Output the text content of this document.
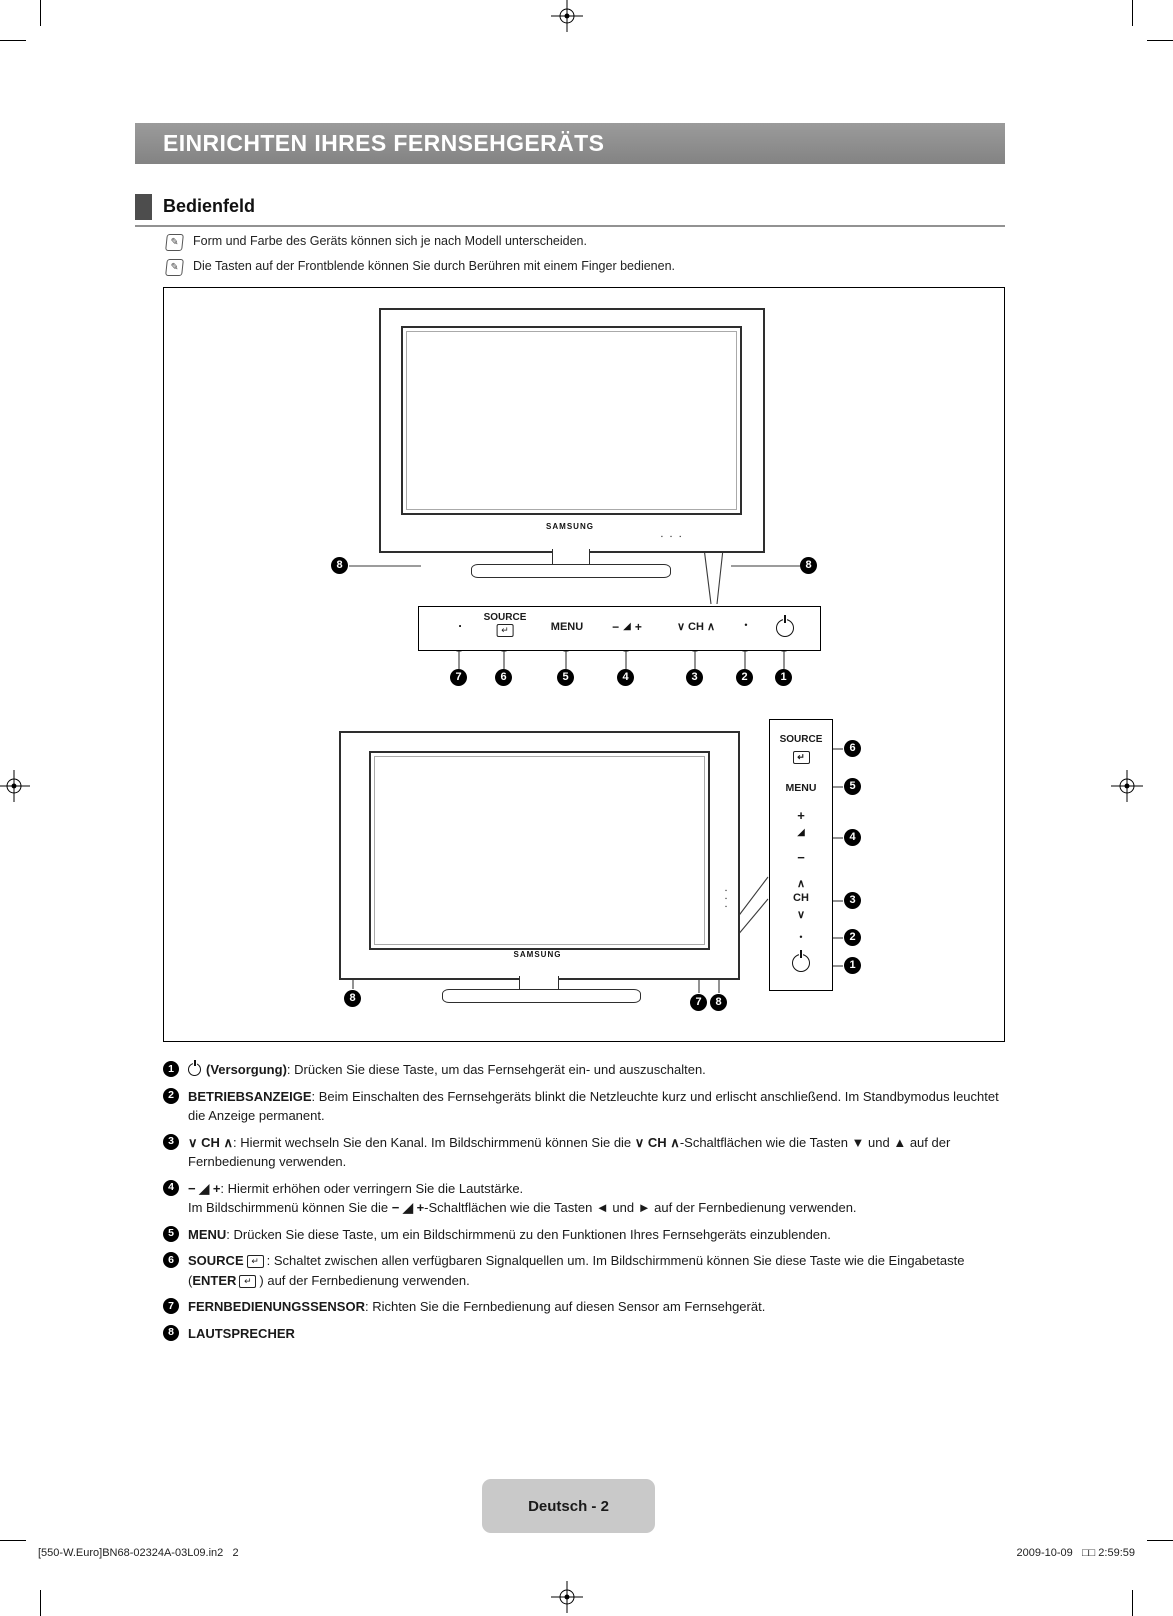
EINRICHTEN IHRES FERNSEHGERÄTS
Bedienfeld
✎	Form und Farbe des Geräts können sich je nach Modell unterscheiden.
✎	Die Tasten auf der Frontblende können Sie durch Berühren mit einem Finger bedienen.
SAMSUNG
▪ ▪ ▪
8	8
. SOURCE
↵	MENU − ◢ +	∨ CH ∧	•
7	6	5	4	3	2	1
SAMSUNG
▪▪▪
SOURCE
↵
MENU
+
◢
−
∧
CH
∨
•
6
5
4
3
2
1
8	7	8
1	(Versorgung): Drücken Sie diese Taste, um das Fernsehgerät ein- und auszuschalten.
2	BETRIEBSANZEIGE: Beim Einschalten des Fernsehgeräts blinkt die Netzleuchte kurz und erlischt anschließend. Im Standbymodus leuchtet die Anzeige permanent.
3	∨ CH ∧: Hiermit wechseln Sie den Kanal. Im Bildschirmmenü können Sie die ∨ CH ∧-Schaltflächen wie die Tasten ▼ und ▲ auf der Fernbedienung verwenden.
4	− ◢ +: Hiermit erhöhen oder verringern Sie die Lautstärke.
Im Bildschirmmenü können Sie die − ◢ +-Schaltflächen wie die Tasten ◄ und ► auf der Fernbedienung verwenden.
5	MENU: Drücken Sie diese Taste, um ein Bildschirmmenü zu den Funktionen Ihres Fernsehgeräts einzublenden.
6	SOURCE ↵ : Schaltet zwischen allen verfügbaren Signalquellen um. Im Bildschirmmenü können Sie diese Taste wie die Eingabetaste (ENTER ↵ ) auf der Fernbedienung verwenden.
7	FERNBEDIENUNGSSENSOR: Richten Sie die Fernbedienung auf diesen Sensor am Fernsehgerät.
8	LAUTSPRECHER
Deutsch - 2
[550-W.Euro]BN68-02324A-03L09.in2   2	2009-10-09   □□ 2:59:59
